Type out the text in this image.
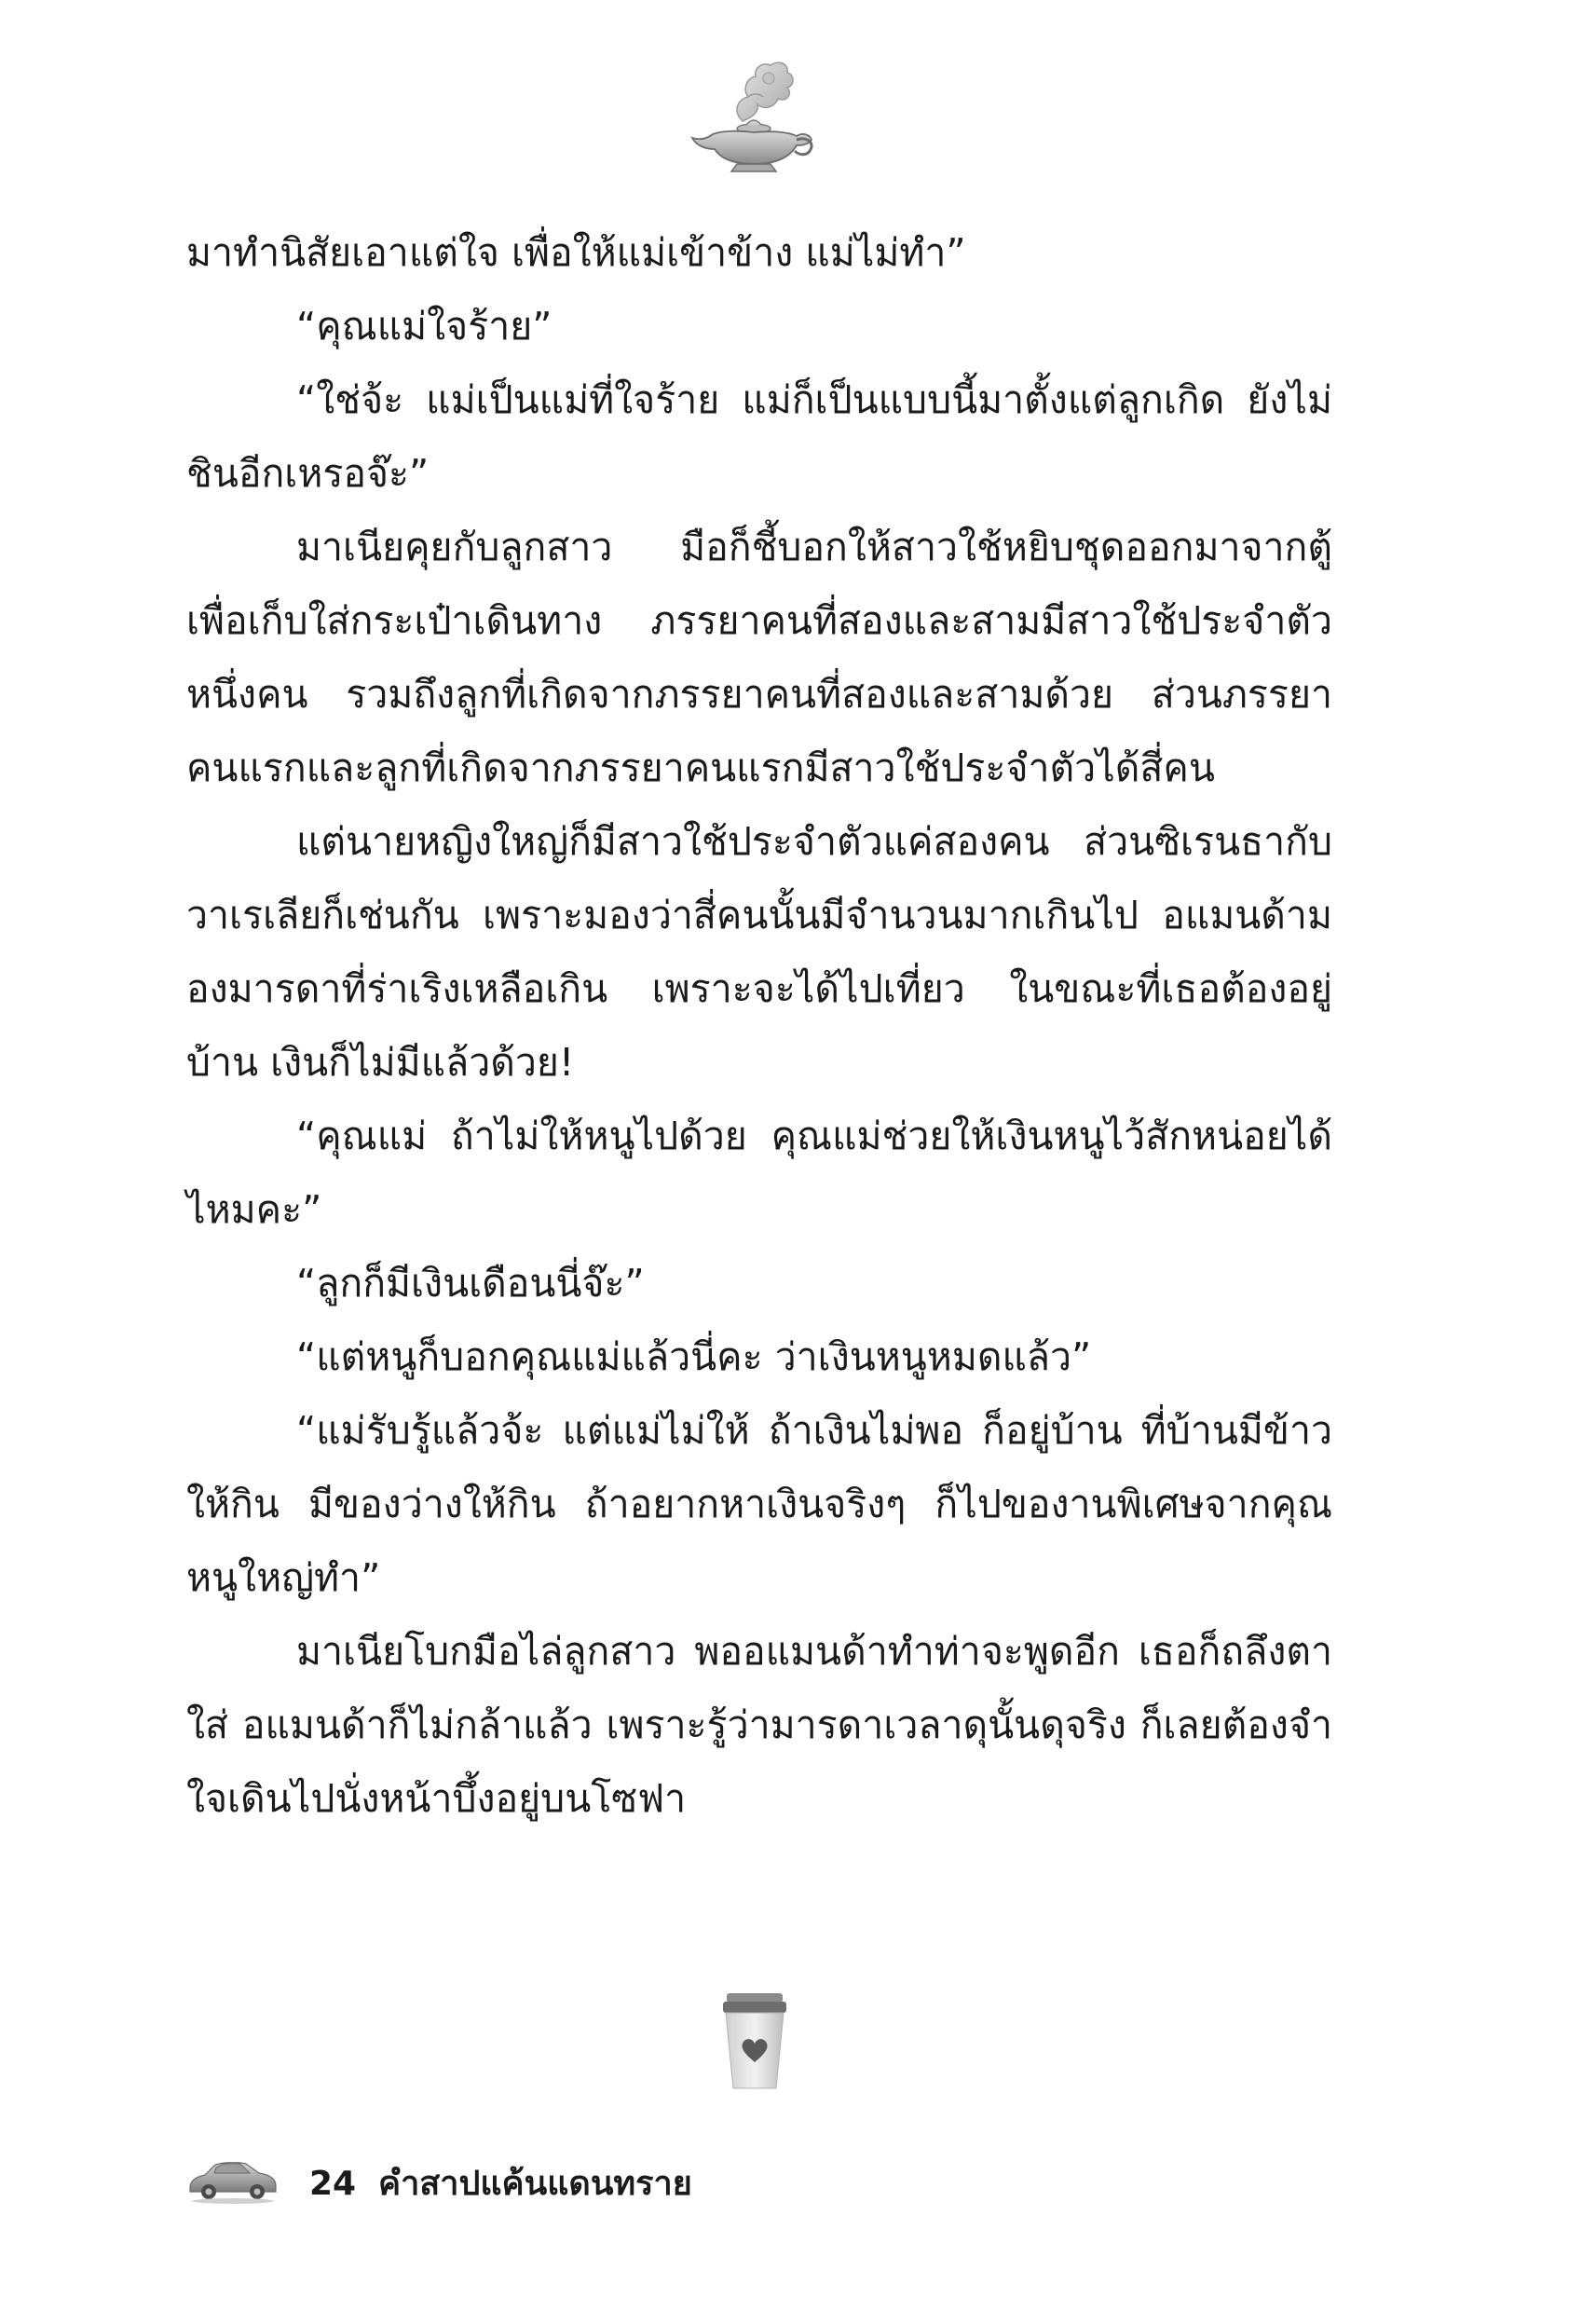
มาทำนิสัยเอาแต่ใจ เพื่อให้แม่เข้าข้าง แม่ไม่ทำ”

“คุณแม่ใจร้าย”

“ใช่จ้ะ แม่เป็นแม่ที่ใจร้าย แม่ก็เป็นแบบนี้มาตั้งแต่ลูกเกิด ยังไม่ชินอีกเหรอจ๊ะ”

มาเนียคุยกับลูกสาว มือก็ชี้บอกให้สาวใช้หยิบชุดออกมาจากตู้ เพื่อเก็บใส่กระเป๋าเดินทาง ภรรยาคนที่สองและสามมีสาวใช้ประจำตัวหนึ่งคน รวมถึงลูกที่เกิดจากภรรยาคนที่สองและสามด้วย ส่วนภรรยาคนแรกและลูกที่เกิดจากภรรยาคนแรกมีสาวใช้ประจำตัวได้สี่คน

แต่นายหญิงใหญ่ก็มีสาวใช้ประจำตัวแค่สองคน ส่วนซิเรนธากับวาเรเลียก็เช่นกัน เพราะมองว่าสี่คนนั้นมีจำนวนมากเกินไป อแมนด้ามองมารดาที่ร่าเริงเหลือเกิน เพราะจะได้ไปเที่ยว ในขณะที่เธอต้องอยู่บ้าน เงินก็ไม่มีแล้วด้วย!

“คุณแม่ ถ้าไม่ให้หนูไปด้วย คุณแม่ช่วยให้เงินหนูไว้สักหน่อยได้ไหมคะ”

“ลูกก็มีเงินเดือนนี่จ๊ะ”

“แต่หนูก็บอกคุณแม่แล้วนี่คะ ว่าเงินหนูหมดแล้ว”

“แม่รับรู้แล้วจ้ะ แต่แม่ไม่ให้ ถ้าเงินไม่พอ ก็อยู่บ้าน ที่บ้านมีข้าวให้กิน มีของว่างให้กิน ถ้าอยากหาเงินจริงๆ ก็ไปของานพิเศษจากคุณหนูใหญ่ทำ”

มาเนียโบกมือไล่ลูกสาว พออแมนด้าทำท่าจะพูดอีก เธอก็ถลึงตาใส่ อแมนด้าก็ไม่กล้าแล้ว เพราะรู้ว่ามารดาเวลาดุนั้นดุจริง ก็เลยต้องจำใจเดินไปนั่งหน้าบึ้งอยู่บนโซฟา

24 คำสาปแค้นแดนทราย
